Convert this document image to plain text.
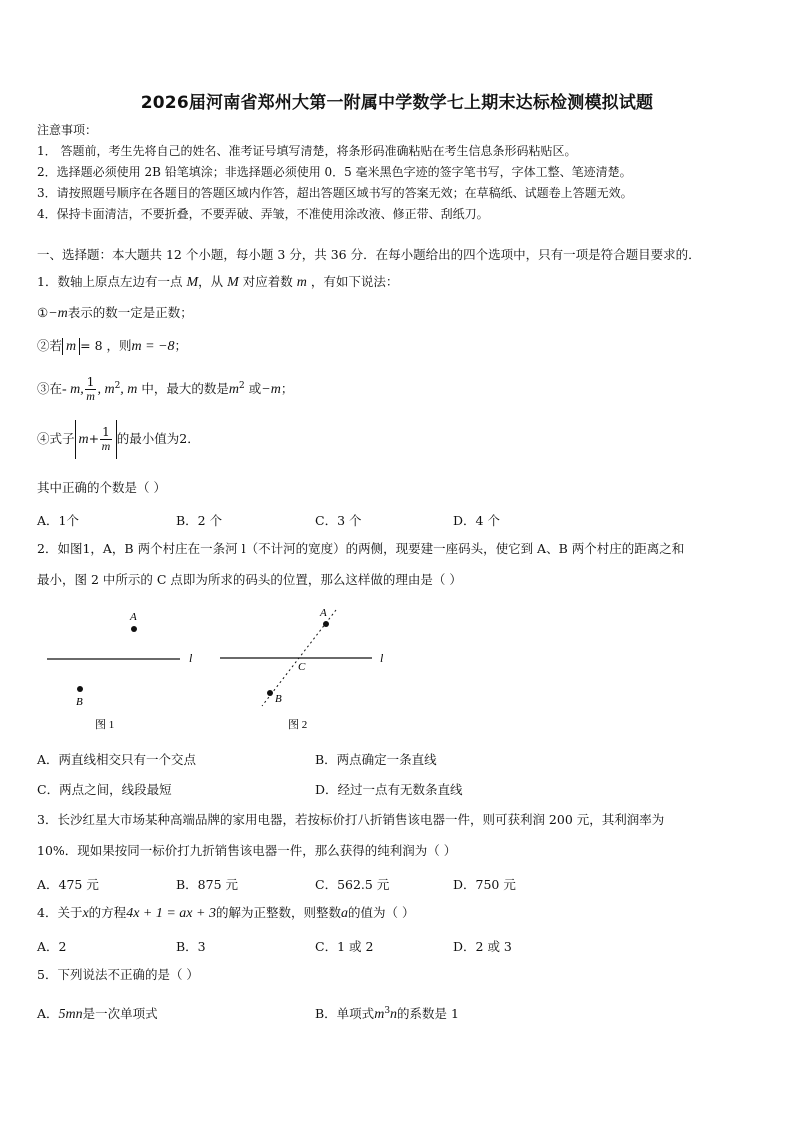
2026届河南省郑州大第一附属中学数学七上期末达标检测模拟试题
注意事项：
1． 答题前，考生先将自己的姓名、准考证号填写清楚，将条形码准确粘贴在考生信息条形码粘贴区。
2．选择题必须使用 2B 铅笔填涂；非选择题必须使用 0．5 毫米黑色字迹的签字笔书写，字体工整、笔迹清楚。
3．请按照题号顺序在各题目的答题区域内作答，超出答题区域书写的答案无效；在草稿纸、试题卷上答题无效。
4．保持卡面清洁，不要折叠，不要弄破、弄皱，不准使用涂改液、修正带、刮纸刀。
一、选择题：本大题共 12 个小题，每小题 3 分，共 36 分．在每小题给出的四个选项中，只有一项是符合题目要求的．
1．数轴上原点左边有一点 M，从 M 对应着数 m ，有如下说法：
①−m表示的数一定是正数；
②若 m = 8 ，则m = −8；
③在- m, $\frac{1}{m}$ , $m^2$, m 中，最大的数是$m^2$ 或−m；
④式子 $m+ \frac{1}{m}$ 的最小值为2．
其中正确的个数是（ ）
A．1个	B．2 个	C．3 个	D．4 个
2．如图1，A，B 两个村庄在一条河 l（不计河的宽度）的两侧，现要建一座码头，使它到 A、B 两个村庄的距离之和
最小，图 2 中所示的 C 点即为所求的码头的位置，那么这样做的理由是（ ）
A
B
l
图 1
A
B
C
l
图 2
A．两直线相交只有一个交点	B．两点确定一条直线
C．两点之间，线段最短	D．经过一点有无数条直线
3．长沙红星大市场某种高端品牌的家用电器，若按标价打八折销售该电器一件，则可获利润 200 元，其利润率为
10%．现如果按同一标价打九折销售该电器一件，那么获得的纯利润为（ ）
A．475 元	B．875 元	C．562.5 元	D．750 元
4．关于x的方程4x + 1 = ax + 3的解为正整数，则整数a的值为（ ）
A．2	B．3	C．1 或 2	D．2 或 3
5．下列说法不正确的是（ ）
A．5mn是一次单项式	B．单项式$m^3n$的系数是 1
